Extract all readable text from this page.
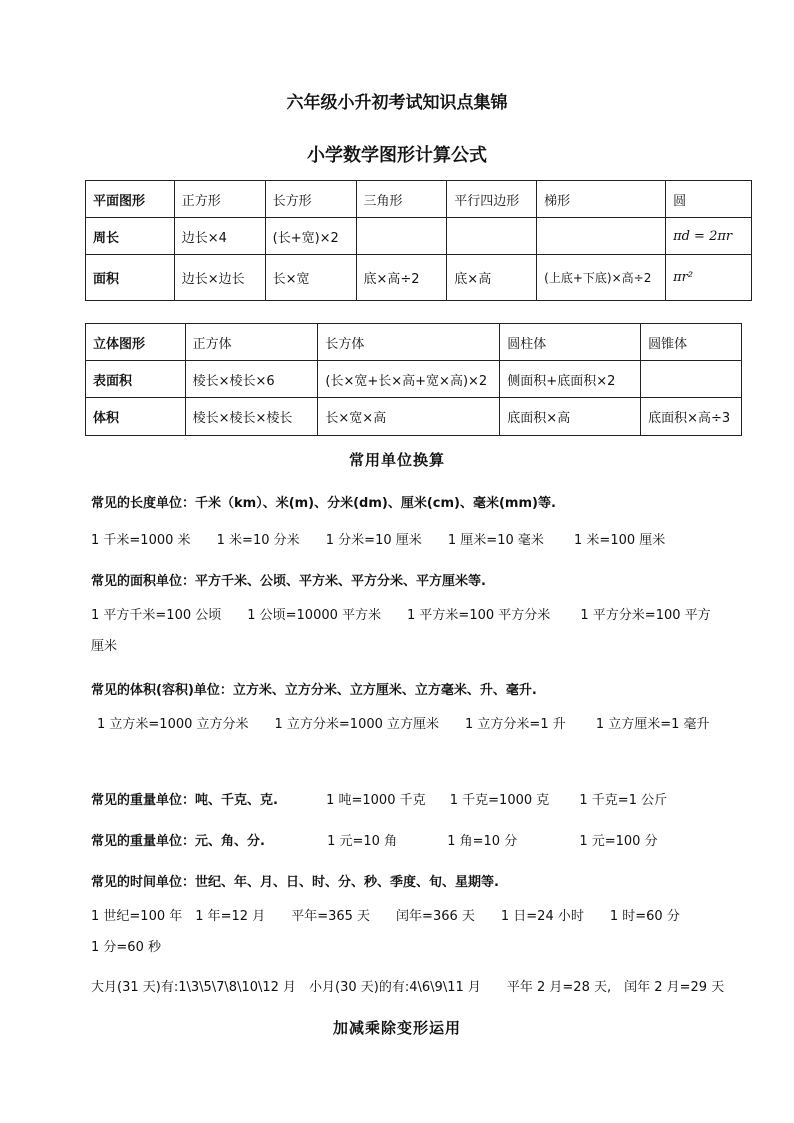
六年级小升初考试知识点集锦
小学数学图形计算公式
平面图形	正方形	长方形	三角形	平行四边形	梯形	圆
周长	边长×4	(长+宽)×2				πd = 2πr
面积	边长×边长	长×宽	底×高÷2	底×高	(上底+下底)×高÷2	πr²
立体图形	正方体	长方体	圆柱体	圆锥体
表面积	棱长×棱长×6	(长×宽+长×高+宽×高)×2	侧面积+底面积×2	
体积	棱长×棱长×棱长	长×宽×高	底面积×高	底面积×高÷3
常用单位换算
常见的长度单位：千米（km）、米(m)、分米(dm)、厘米(cm)、毫米(mm)等.
1 千米=1000 米 1 米=10 分米 1 分米=10 厘米 1 厘米=10 毫米 1 米=100 厘米
常见的面积单位：平方千米、公顷、平方米、平方分米、平方厘米等.
1 平方千米=100 公顷　　1 公顷=10000 平方米　　1 平方米=100 平方分米　　 1 平方分米=100 平方厘米
常见的体积(容积)单位：立方米、立方分米、立方厘米、立方毫米、升、毫升.
1 立方米=1000 立方分米　　1 立方分米=1000 立方厘米　　1 立方分米=1 升　　 1 立方厘米=1 毫升
常见的重量单位：吨、千克、克.	1 吨=1000 千克 1 千克=1000 克 1 千克=1 公斤
常见的重量单位：元、角、分.	1 元=10 角	1 角=10 分	1 元=100 分
常见的时间单位：世纪、年、月、日、时、分、秒、季度、旬、星期等.
1 世纪=100 年　1 年=12 月　　平年=365 天　　闰年=366 天　　1 日=24 小时　　1 时=60 分　　1 分=60 秒
大月(31 天)有:1\3\5\7\8\10\12 月　小月(30 天)的有:4\6\9\11 月　　平年 2 月=28 天,　闰年 2 月=29 天
加减乘除变形运用
